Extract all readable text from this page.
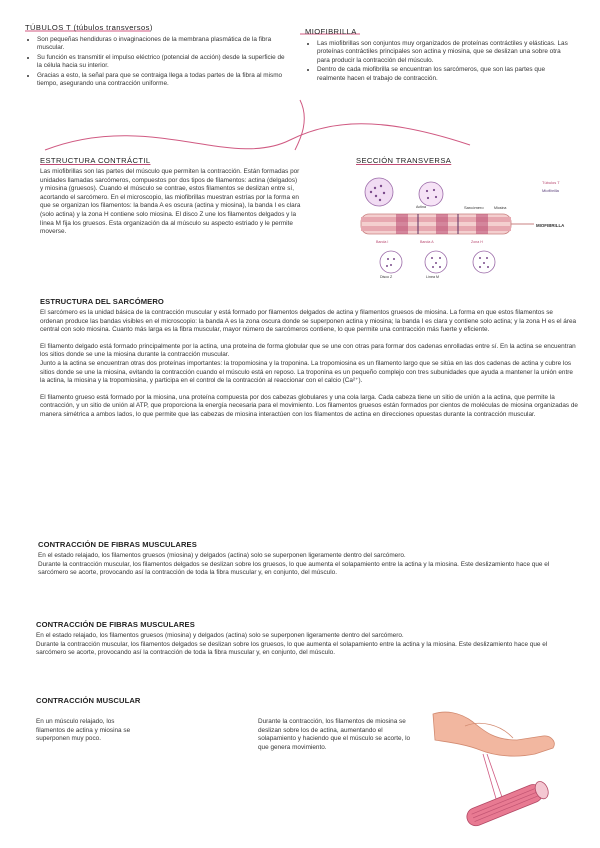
TÚBULOS T (túbulos transversos)
• Son pequeñas hendiduras o invaginaciones de la membrana plasmática de la fibra muscular.
• Su función es transmitir el impulso eléctrico (potencial de acción) desde la superficie de la célula hacia su interior.
• Gracias a esto, la señal para que se contraiga llega a todas partes de la fibra al mismo tiempo, asegurando una contracción uniforme.
MIOFIBRILLA
• Las miofibrillas son conjuntos muy organizados de proteínas contráctiles y elásticas. Las proteínas contráctiles principales son actina y miosina, que se deslizan una sobre otra para producir la contracción del músculo.
• Dentro de cada miofibrilla se encuentran los sarcómeros, que son las partes que realmente hacen el trabajo de contracción.
ESTRUCTURA CONTRÁCTIL
Las miofibrillas son las partes del músculo que permiten la contracción. Están formadas por unidades llamadas sarcómeros, compuestos por dos tipos de filamentos: actina (delgados) y miosina (gruesos). Cuando el músculo se contrae, estos filamentos se deslizan entre sí, acortando el sarcómero. En el microscopio, las miofibrillas muestran estrías por la forma en que se organizan los filamentos: la banda A es oscura (actina y miosina), la banda I es clara (solo actina) y la zona H contiene solo miosina. El disco Z une los filamentos delgados y la línea M fija los gruesos. Esta organización da al músculo su aspecto estriado y le permite moverse.
SECCIÓN TRANSVERSA
Túbulos T
Miofibrilla
Sarcómero
MIOFIBRILLA
Actina	Miosina
Banda I	Banda A	Zona H
Línea M
Disco Z
ESTRUCTURA DEL SARCÓMERO
El sarcómero es la unidad básica de la contracción muscular y está formado por filamentos delgados de actina y filamentos gruesos de miosina. La forma en que estos filamentos se ordenan produce las bandas visibles en el microscopio: la banda A es la zona oscura donde se superponen actina y miosina; la banda I es clara y contiene solo actina; y la zona H es el área central con solo miosina. Cuanto más larga es la fibra muscular, mayor número de sarcómeros contiene, lo que permite una contracción más fuerte y eficiente.
El filamento delgado está formado principalmente por la actina, una proteína de forma globular que se une con otras para formar dos cadenas enrolladas entre sí. En la actina se encuentran los sitios donde se une la miosina durante la contracción muscular.
Junto a la actina se encuentran otras dos proteínas importantes: la tropomiosina y la troponina. La tropomiosina es un filamento largo que se sitúa en las dos cadenas de actina y cubre los sitios donde se une la miosina, evitando la contracción cuando el músculo está en reposo. La troponina es un pequeño complejo con tres subunidades que ayuda a mantener la unión entre la actina, la miosina y la tropomiosina, y participa en el control de la contracción al reaccionar con el calcio (Ca²⁺).
El filamento grueso está formado por la miosina, una proteína compuesta por dos cabezas globulares y una cola larga. Cada cabeza tiene un sitio de unión a la actina, que permite la contracción, y un sitio de unión al ATP, que proporciona la energía necesaria para el movimiento. Los filamentos gruesos están formados por cientos de moléculas de miosina organizadas de manera simétrica a ambos lados, lo que permite que las cabezas de miosina interactúen con los filamentos de actina en direcciones opuestas durante la contracción muscular.
CONTRACCIÓN DE FIBRAS MUSCULARES
En el estado relajado, los filamentos gruesos (miosina) y delgados (actina) solo se superponen ligeramente dentro del sarcómero.
Durante la contracción muscular, los filamentos delgados se deslizan sobre los gruesos, lo que aumenta el solapamiento entre la actina y la miosina. Este deslizamiento hace que el sarcómero se acorte, provocando así la contracción de toda la fibra muscular y, en conjunto, del músculo.
CONTRACCIÓN DE FIBRAS MUSCULARES
En el estado relajado, los filamentos gruesos (miosina) y delgados (actina) solo se superponen ligeramente dentro del sarcómero.
Durante la contracción muscular, los filamentos delgados se deslizan sobre los gruesos, lo que aumenta el solapamiento entre la actina y la miosina. Este deslizamiento hace que el sarcómero se acorte, provocando así la contracción de toda la fibra muscular y, en conjunto, del músculo.
CONTRACCIÓN MUSCULAR
En un músculo relajado, los filamentos de actina y miosina se superponen muy poco.
Durante la contracción, los filamentos de miosina se deslizan sobre los de actina, aumentando el solapamiento y haciendo que el músculo se acorte, lo que genera movimiento.
